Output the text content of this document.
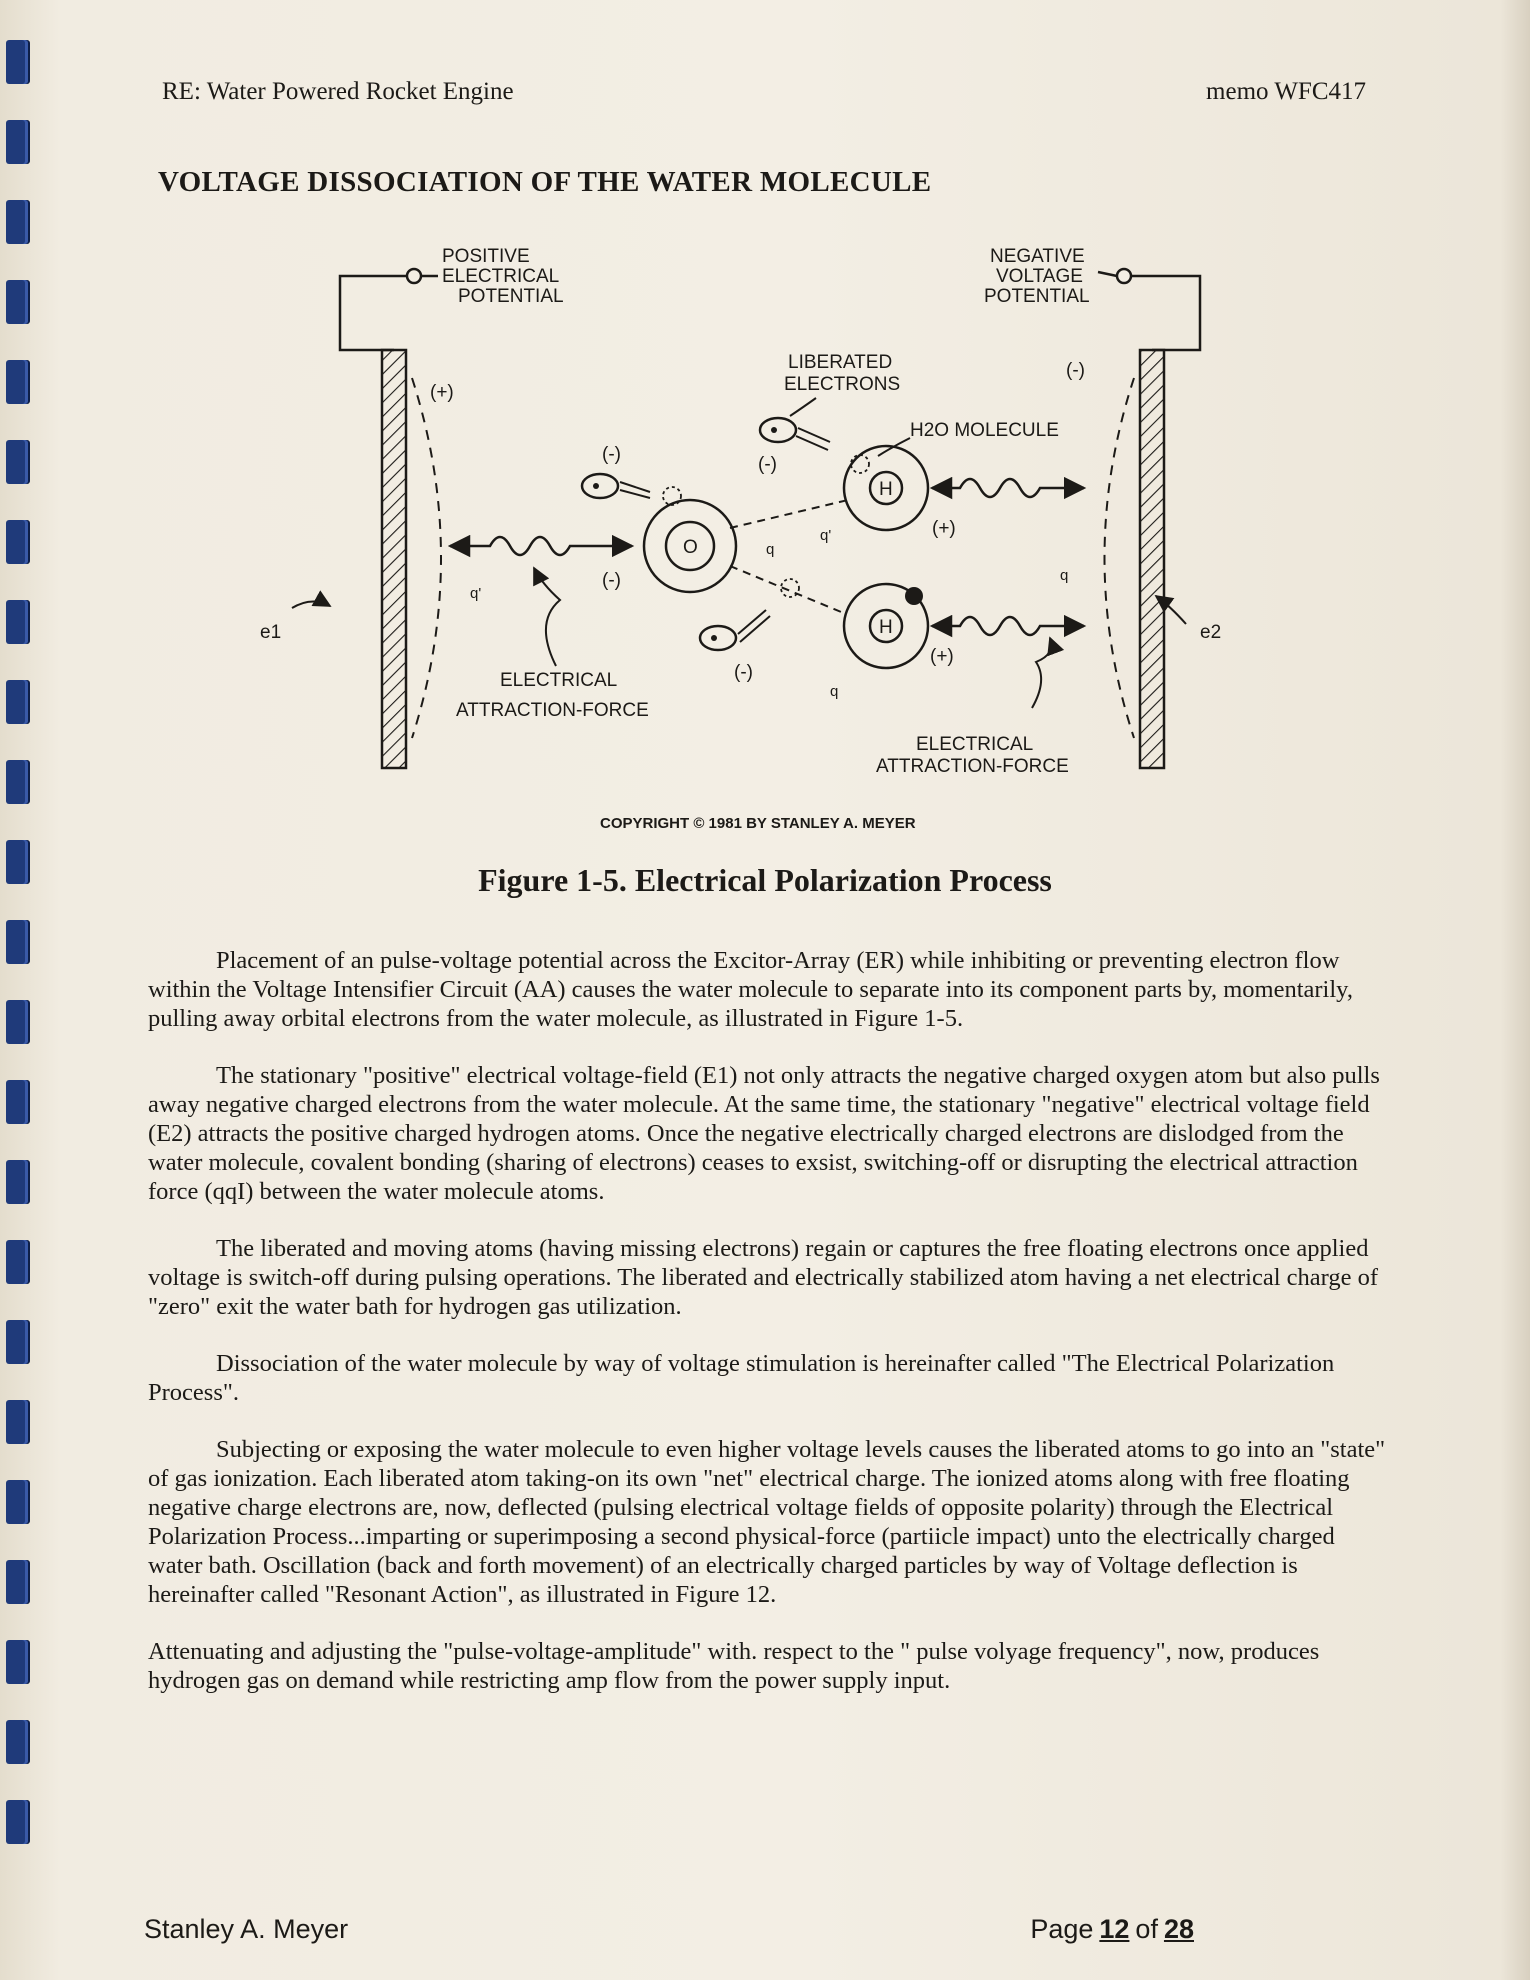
RE: Water Powered Rocket Engine	memo WFC417
VOLTAGE DISSOCIATION OF THE WATER MOLECULE
POSITIVE
ELECTRICAL
POTENTIAL
NEGATIVE
VOLTAGE
POTENTIAL
(+)
(-)
e1	e2
O
H
H
q
q'
q
(-)	(-)
(-)
(-)
(+)
(+)
LIBERATED
ELECTRONS
H2O MOLECULE
q'
q
ELECTRICAL
ATTRACTION-FORCE
ELECTRICAL
ATTRACTION-FORCE
COPYRIGHT © 1981 BY STANLEY A. MEYER
Figure 1-5. Electrical Polarization Process

Placement of an pulse-voltage potential across the Excitor-Array (ER) while inhibiting or preventing electron flow within the Voltage Intensifier Circuit (AA) causes the water molecule to separate into its component parts by, momentarily, pulling away orbital electrons from the water molecule, as illustrated in Figure 1-5.

The stationary "positive" electrical voltage-field (E1) not only attracts the negative charged oxygen atom but also pulls away negative charged electrons from the water molecule. At the same time, the stationary "negative" electrical voltage field (E2) attracts the positive charged hydrogen atoms. Once the negative electrically charged electrons are dislodged from the water molecule, covalent bonding (sharing of electrons) ceases to exsist, switching-off or disrupting the electrical attraction force (qqI) between the water molecule atoms.

The liberated and moving atoms (having missing electrons) regain or captures the free floating electrons once applied voltage is switch-off during pulsing operations. The liberated and electrically stabilized atom having a net electrical charge of "zero" exit the water bath for hydrogen gas utilization.

Dissociation of the water molecule by way of voltage stimulation is hereinafter called "The Electrical Polarization Process".

Subjecting or exposing the water molecule to even higher voltage levels causes the liberated atoms to go into an "state" of gas ionization. Each liberated atom taking-on its own "net" electrical charge. The ionized atoms along with free floating negative charge electrons are, now, deflected (pulsing electrical voltage fields of opposite polarity) through the Electrical Polarization Process...imparting or superimposing a second physical-force (partiicle impact) unto the electrically charged water bath. Oscillation (back and forth movement) of an electrically charged particles by way of Voltage deflection is hereinafter called "Resonant Action", as illustrated in Figure 12.

Attenuating and adjusting the "pulse-voltage-amplitude" with. respect to the " pulse volyage frequency", now, produces hydrogen gas on demand while restricting amp flow from the power supply input.

Stanley A. Meyer	Page 12 of 28
